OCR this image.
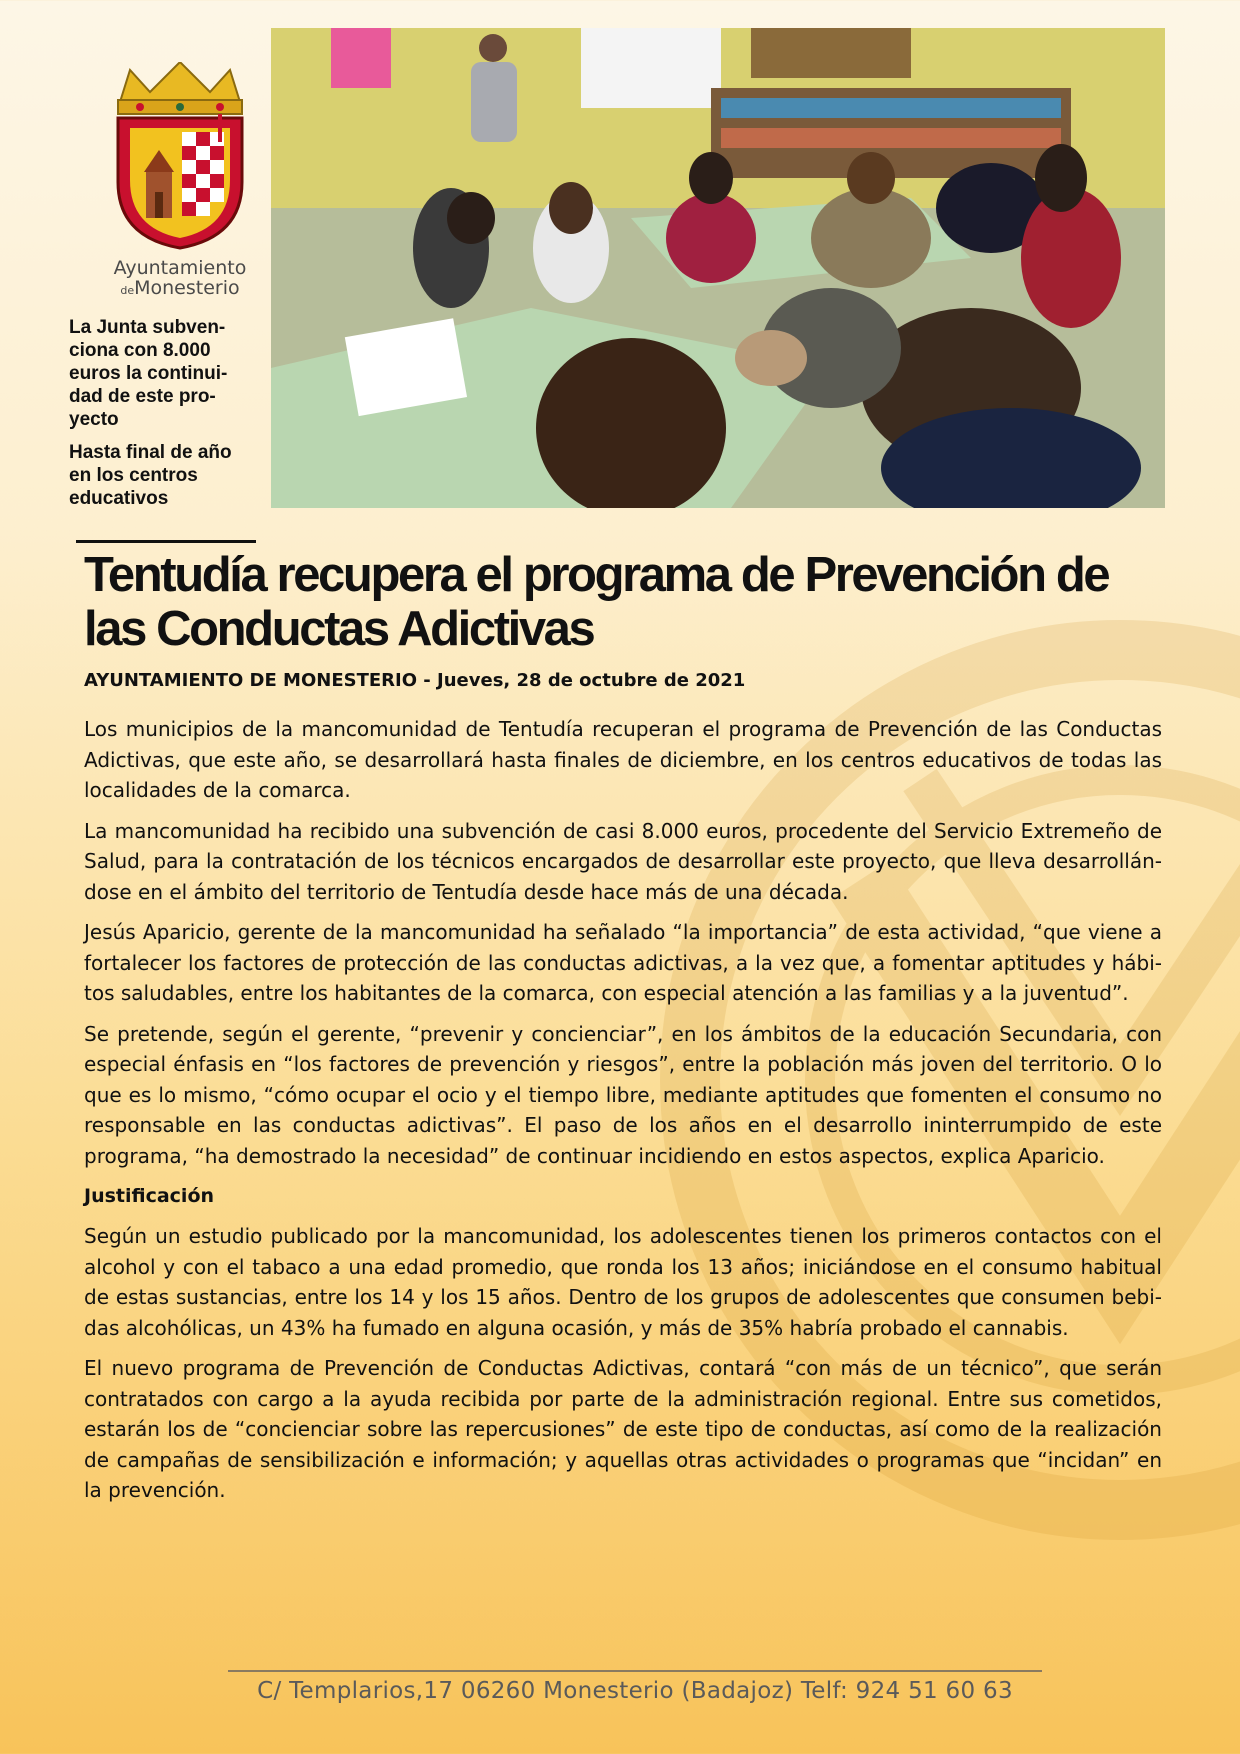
Ayuntamiento
deMonesterio

La Junta subven-ciona con 8.000 euros la continui-dad de este pro-yecto

Hasta final de año en los centros educativos

Tentudía recupera el programa de Prevención de las Conductas Adictivas

AYUNTAMIENTO DE MONESTERIO - Jueves, 28 de octubre de 2021

Los municipios de la mancomunidad de Tentudía recuperan el programa de Prevención de las Conductas Adictivas, que este año, se desarrollará hasta finales de diciembre, en los centros educativos de todas las localidades de la comarca.

La mancomunidad ha recibido una subvención de casi 8.000 euros, procedente del Servicio Extremeño de Salud, para la contratación de los técnicos encargados de desarrollar este proyecto, que lleva desarrollán-dose en el ámbito del territorio de Tentudía desde hace más de una década.

Jesús Aparicio, gerente de la mancomunidad ha señalado “la importancia” de esta actividad, “que viene a fortalecer los factores de protección de las conductas adictivas, a la vez que, a fomentar aptitudes y hábi-tos saludables, entre los habitantes de la comarca, con especial atención a las familias y a la juventud”.

Se pretende, según el gerente, “prevenir y concienciar”, en los ámbitos de la educación Secundaria, con especial énfasis en “los factores de prevención y riesgos”, entre la población más joven del territorio. O lo que es lo mismo, “cómo ocupar el ocio y el tiempo libre, mediante aptitudes que fomenten el consumo no responsable en las conductas adictivas”. El paso de los años en el desarrollo ininterrumpido de este programa, “ha demostrado la necesidad” de continuar incidiendo en estos aspectos, explica Aparicio.

Justificación

Según un estudio publicado por la mancomunidad, los adolescentes tienen los primeros contactos con el alcohol y con el tabaco a una edad promedio, que ronda los 13 años; iniciándose en el consumo habitual de estas sustancias, entre los 14 y los 15 años. Dentro de los grupos de adolescentes que consumen bebi-das alcohólicas, un 43% ha fumado en alguna ocasión, y más de 35% habría probado el cannabis.

El nuevo programa de Prevención de Conductas Adictivas, contará “con más de un técnico”, que serán contratados con cargo a la ayuda recibida por parte de la administración regional. Entre sus cometidos, estarán los de “concienciar sobre las repercusiones” de este tipo de conductas, así como de la realización de campañas de sensibilización e información; y aquellas otras actividades o programas que “incidan” en la prevención.

C/ Templarios,17 06260 Monesterio (Badajoz) Telf: 924 51 60 63
